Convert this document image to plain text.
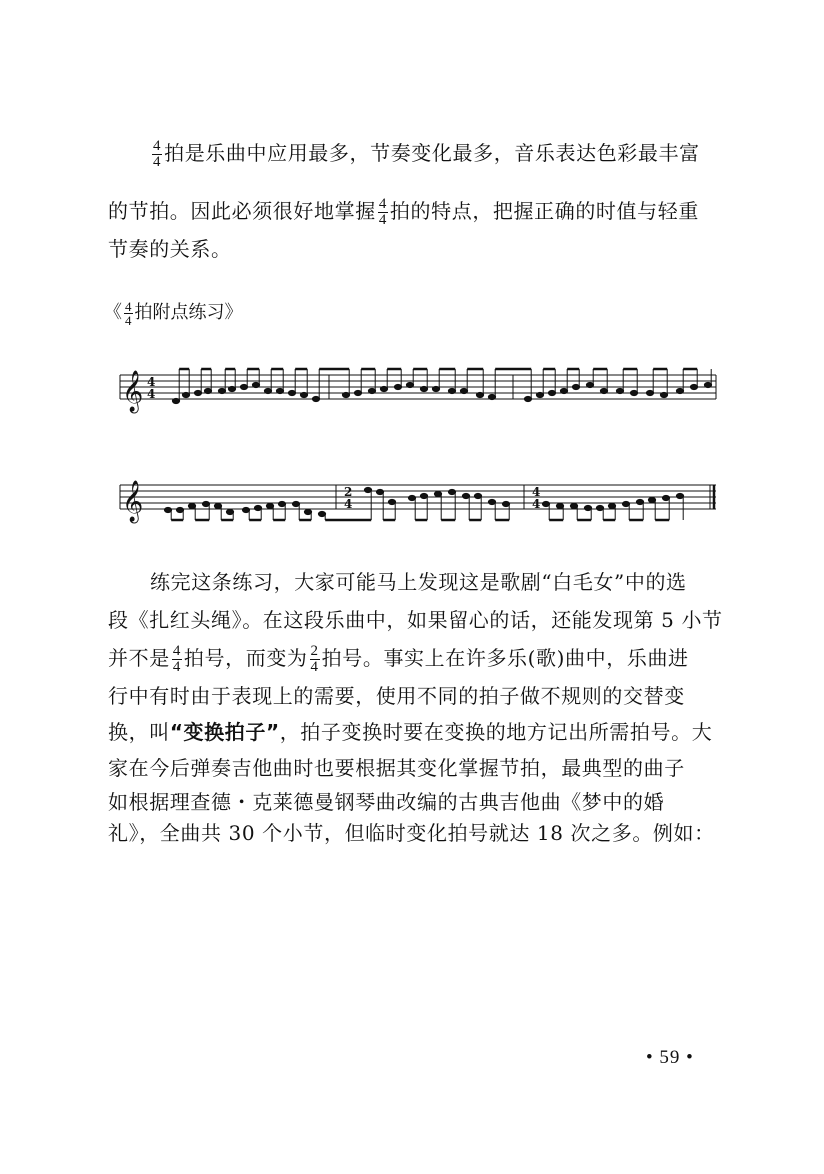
$\frac{4}{4}$ 拍是乐曲中应用最多，节奏变化最多，音乐表达色彩最丰富
的节拍。因此必须很好地掌握 $\frac{4}{4}$ 拍的特点，把握正确的时值与轻重
节奏的关系。
《 $\frac{4}{4}$ 拍附点练习》
𝄞 4
4
𝄞	2
4
4
4
练完这条练习，大家可能马上发现这是歌剧“白毛女”中的选
段《扎红头绳》。在这段乐曲中，如果留心的话，还能发现第 5 小节
并不是 $\frac{4}{4}$ 拍号，而变为 $\frac{2}{4}$ 拍号。事实上在许多乐(歌)曲中，乐曲进
行中有时由于表现上的需要，使用不同的拍子做不规则的交替变
换，叫“变换拍子”，拍子变换时要在变换的地方记出所需拍号。大
家在今后弹奏吉他曲时也要根据其变化掌握节拍，最典型的曲子
如根据理查德・克莱德曼钢琴曲改编的古典吉他曲《梦中的婚
礼》，全曲共 30 个小节，但临时变化拍号就达 18 次之多。例如：
• 59 •
